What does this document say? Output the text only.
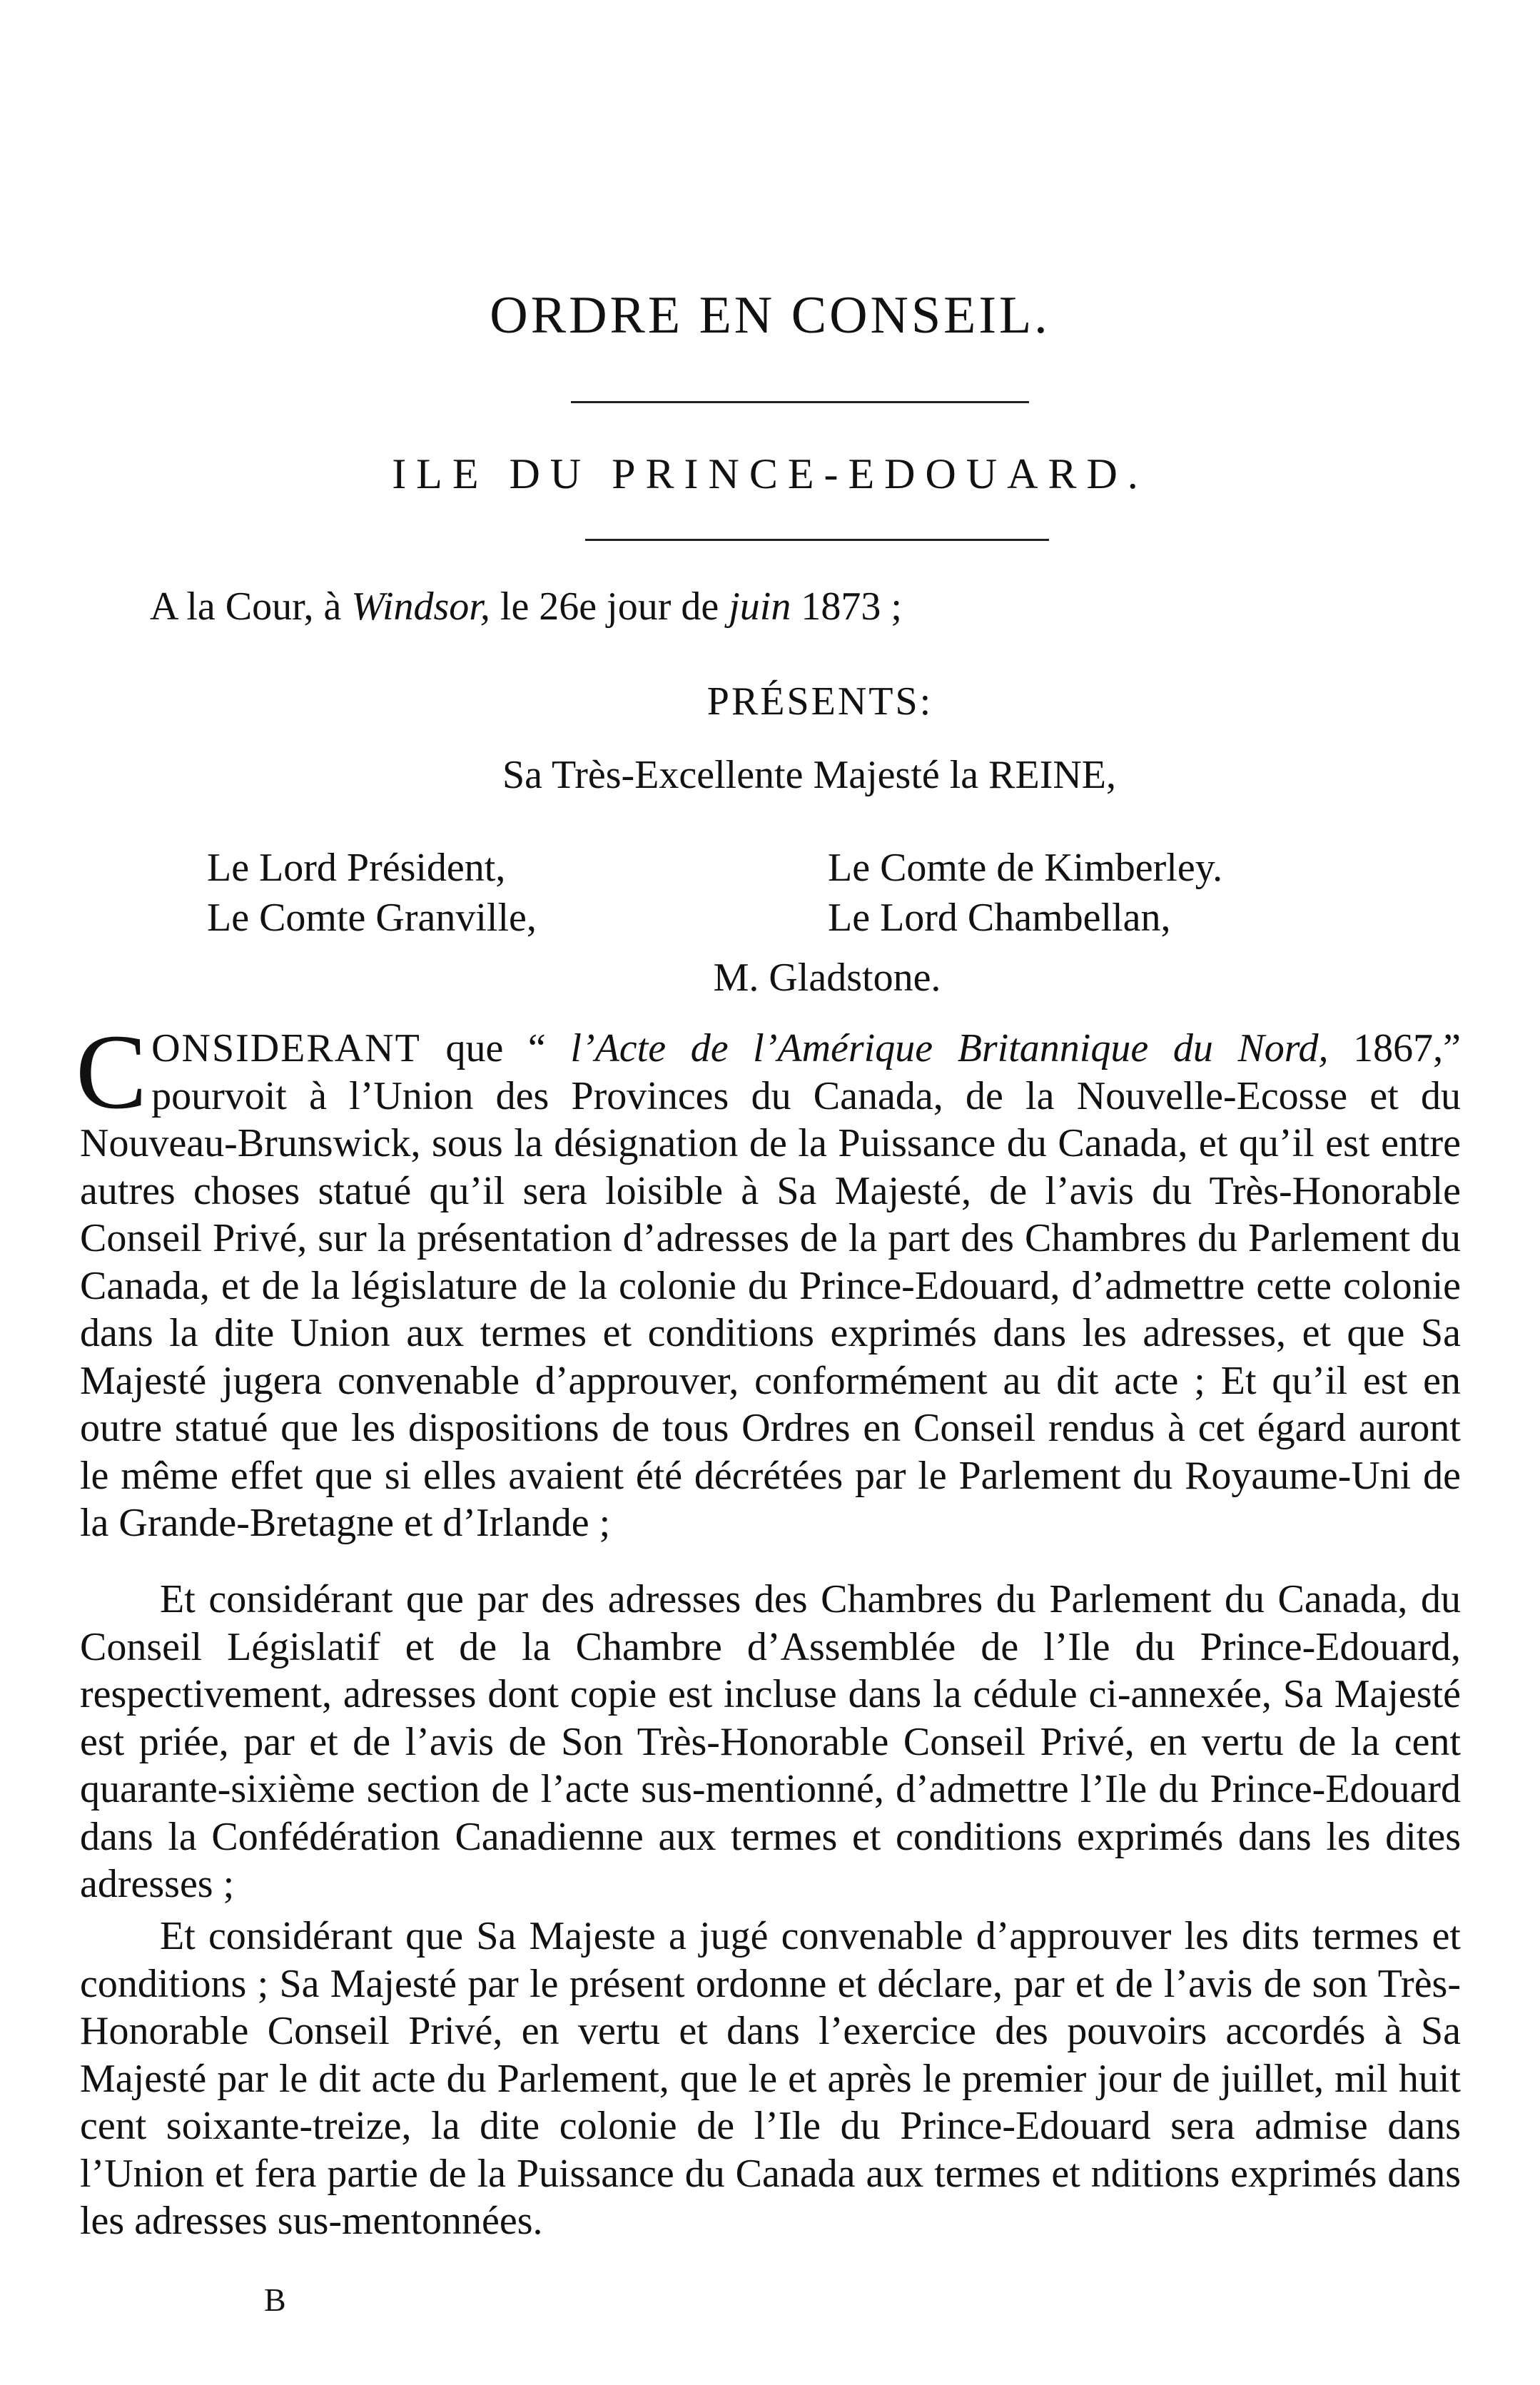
ORDRE EN CONSEIL.
ILE DU PRINCE-EDOUARD.
A la Cour, à Windsor, le 26e jour de juin 1873 ;
PRÉSENTS:
Sa Très-Excellente Majesté la REINE,
Le Lord Président,	Le Comte de Kimberley.
Le Comte Granville,	Le Lord Chambellan,
M. Gladstone.
CONSIDERANT que “ l’Acte de l’Amérique Britannique du Nord, 1867,” pourvoit à l’Union des Provinces du Canada, de la Nouvelle-Ecosse et du Nouveau-Brunswick, sous la désignation de la Puissance du Canada, et qu’il est entre autres choses statué qu’il sera loisible à Sa Majesté, de l’avis du Très-Honorable Conseil Privé, sur la présentation d’adresses de la part des Chambres du Parlement du Canada, et de la législature de la colonie du Prince-Edouard, d’admettre cette colonie dans la dite Union aux termes et conditions exprimés dans les adresses, et que Sa Majesté jugera convenable d’approuver, conformément au dit acte ; Et qu’il est en outre statué que les dispositions de tous Ordres en Conseil rendus à cet égard auront le même effet que si elles avaient été décrétées par le Parlement du Royaume-Uni de la Grande-Bretagne et d’Irlande ;
Et considérant que par des adresses des Chambres du Parlement du Canada, du Conseil Législatif et de la Chambre d’Assemblée de l’Ile du Prince-Edouard, respectivement, adresses dont copie est incluse dans la cédule ci-annexée, Sa Majesté est priée, par et de l’avis de Son Très-Honorable Conseil Privé, en vertu de la cent quarante-sixième section de l’acte sus-mentionné, d’admettre l’Ile du Prince-Edouard dans la Confédération Canadienne aux termes et conditions exprimés dans les dites adresses ;
Et considérant que Sa Majeste a jugé convenable d’approuver les dits termes et conditions ; Sa Majesté par le présent ordonne et déclare, par et de l’avis de son Très-Honorable Conseil Privé, en vertu et dans l’exercice des pouvoirs accordés à Sa Majesté par le dit acte du Parlement, que le et après le premier jour de juillet, mil huit cent soixante-treize, la dite colonie de l’Ile du Prince-Edouard sera admise dans l’Union et fera partie de la Puissance du Canada aux termes et nditions exprimés dans les adresses sus-mentonnées.
B
